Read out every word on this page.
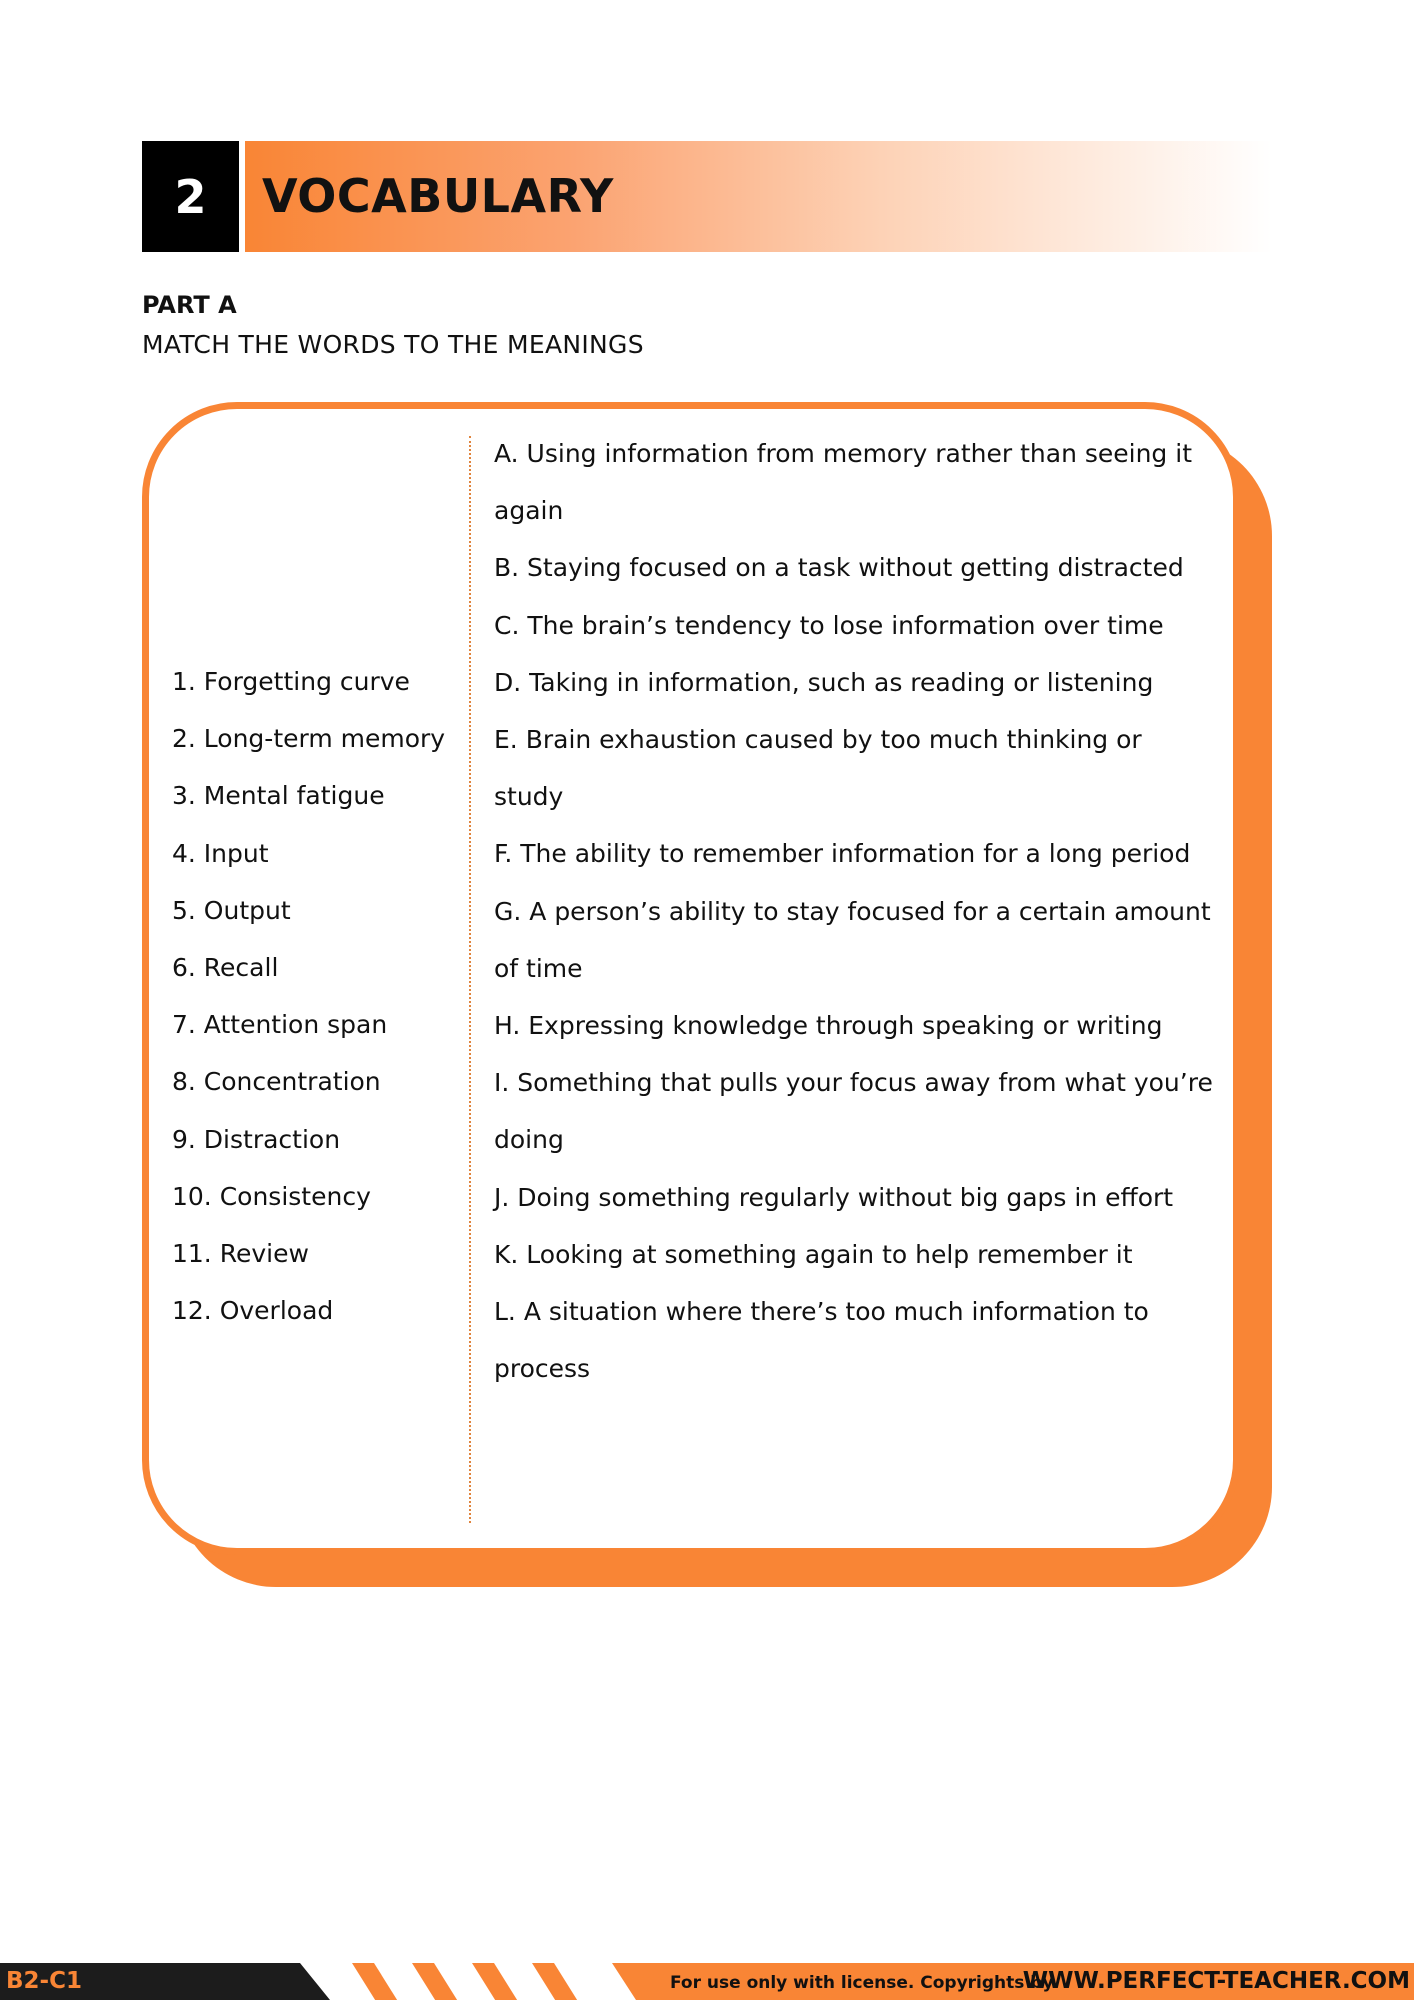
2	VOCABULARY
PART A
MATCH THE WORDS TO THE MEANINGS
1. Forgetting curve
2. Long-term memory
3. Mental fatigue
4. Input
5. Output
6. Recall
7. Attention span
8. Concentration
9. Distraction
10. Consistency
11. Review
12. Overload
A. Using information from memory rather than seeing it again
B. Staying focused on a task without getting distracted
C. The brain’s tendency to lose information over time
D. Taking in information, such as reading or listening
E. Brain exhaustion caused by too much thinking or study
F. The ability to remember information for a long period
G. A person’s ability to stay focused for a certain amount of time
H. Expressing knowledge through speaking or writing
I. Something that pulls your focus away from what you’re doing
J. Doing something regularly without big gaps in effort
K. Looking at something again to help remember it
L. A situation where there’s too much information to process
B2-C1	For use only with license. Copyrights by
WWW.PERFECT-TEACHER.COM
